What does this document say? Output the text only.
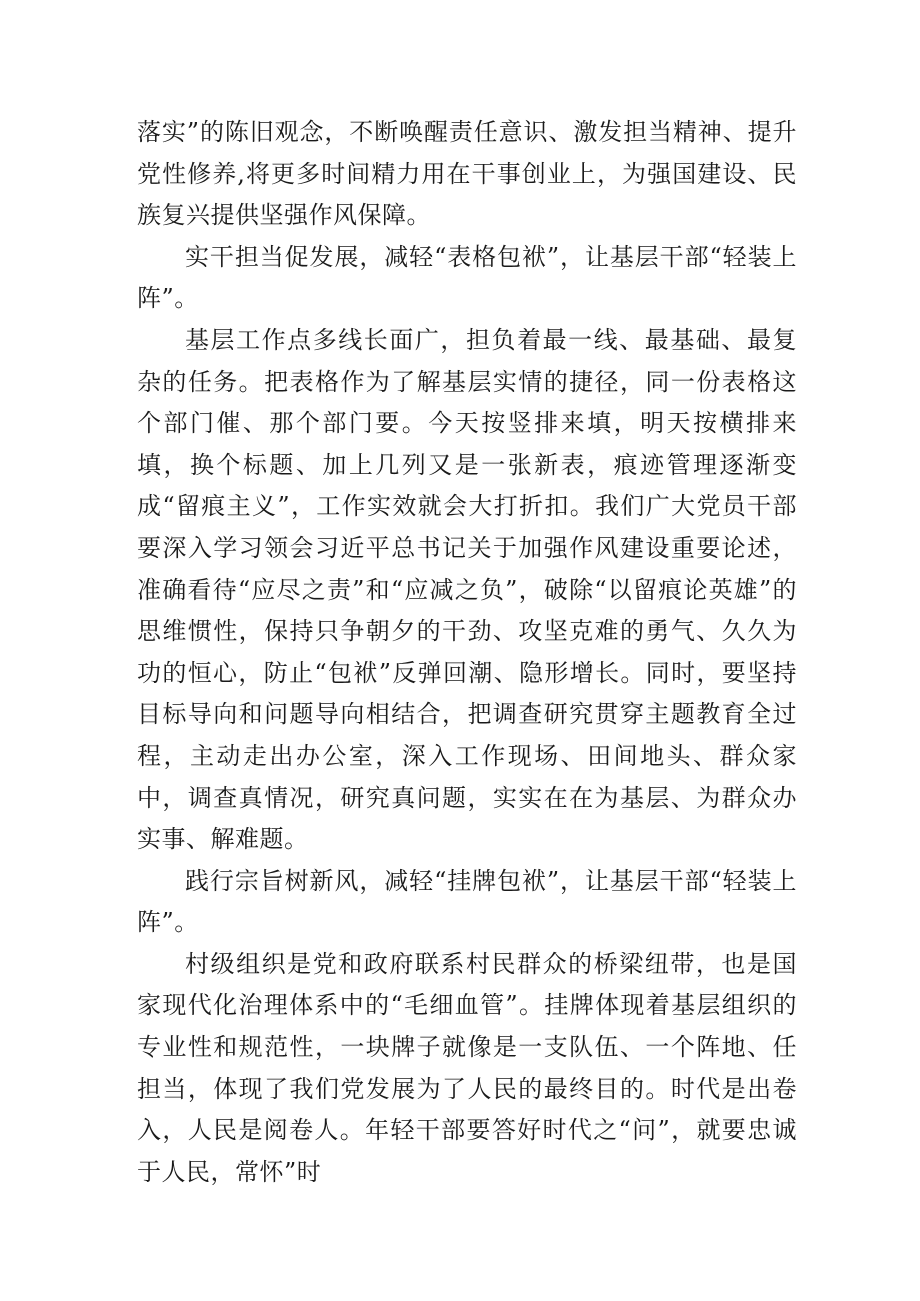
落实”的陈旧观念，不断唤醒责任意识、激发担当精神、提升党性修养,将更多时间精力用在干事创业上，为强国建设、民族复兴提供坚强作风保障。

实干担当促发展，减轻“表格包袱”，让基层干部“轻装上阵”。

基层工作点多线长面广，担负着最一线、最基础、最复杂的任务。把表格作为了解基层实情的捷径，同一份表格这个部门催、那个部门要。今天按竖排来填，明天按横排来填，换个标题、加上几列又是一张新表，痕迹管理逐渐变成“留痕主义”，工作实效就会大打折扣。我们广大党员干部要深入学习领会习近平总书记关于加强作风建设重要论述，准确看待“应尽之责”和“应减之负”，破除“以留痕论英雄”的思维惯性，保持只争朝夕的干劲、攻坚克难的勇气、久久为功的恒心，防止“包袱”反弹回潮、隐形增长。同时，要坚持目标导向和问题导向相结合，把调查研究贯穿主题教育全过程，主动走出办公室，深入工作现场、田间地头、群众家中，调查真情况，研究真问题，实实在在为基层、为群众办实事、解难题。

践行宗旨树新风，减轻“挂牌包袱”，让基层干部“轻装上阵”。

村级组织是党和政府联系村民群众的桥梁纽带，也是国家现代化治理体系中的“毛细血管”。挂牌体现着基层组织的专业性和规范性，一块牌子就像是一支队伍、一个阵地、任担当，体现了我们党发展为了人民的最终目的。时代是出卷入，人民是阅卷人。年轻干部要答好时代之“问”，就要忠诚于人民，常怀”时
